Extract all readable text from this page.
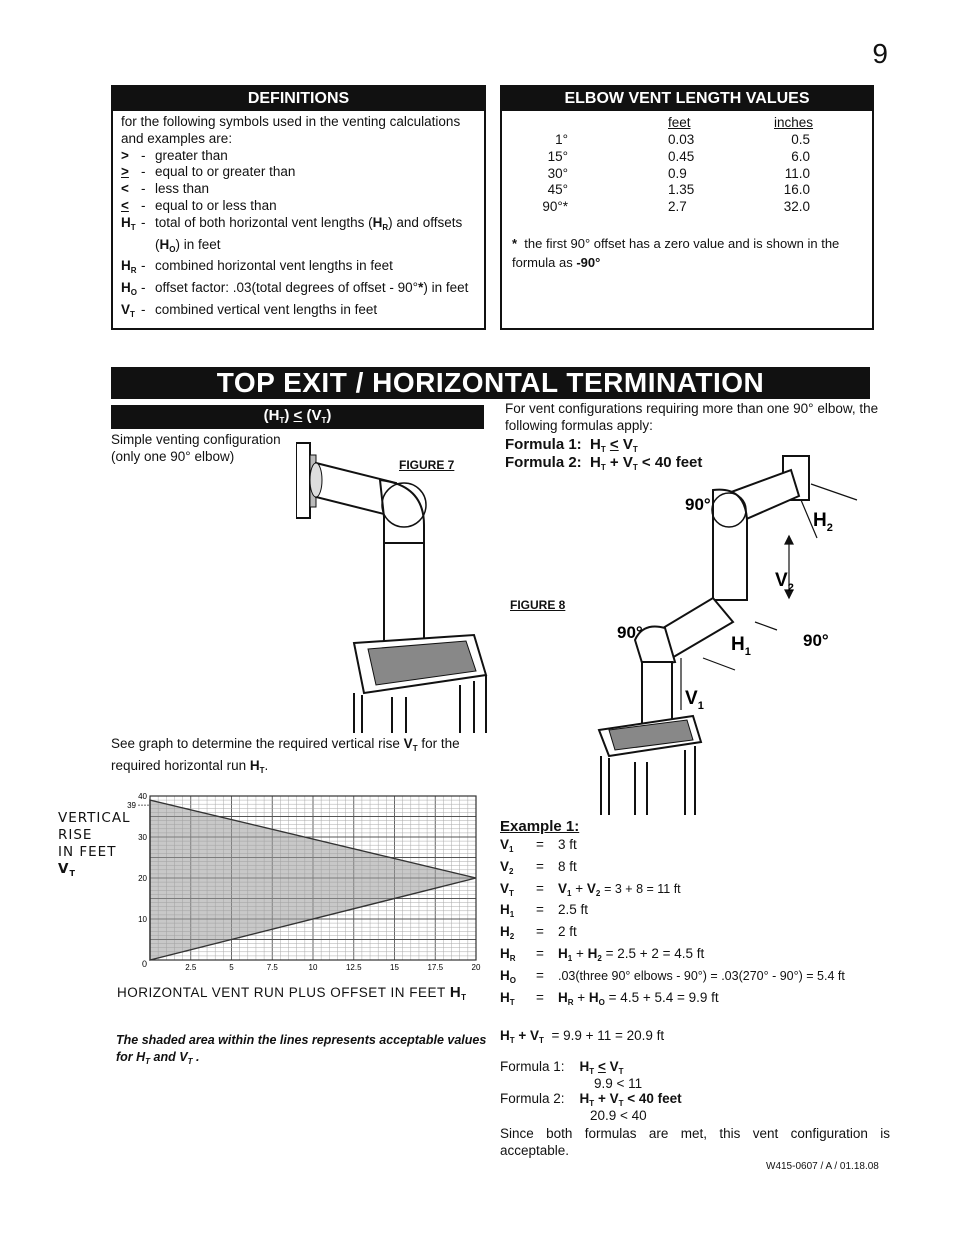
9
DEFINITIONS
for the following symbols used in the venting calculations and examples are:
> - greater than
> - equal to or greater than
< - less than
< - equal to or less than
$H_T$ - total of both horizontal vent lengths $(H_R)$ and offsets $(H_O)$ in feet
$H_R$ - combined horizontal vent lengths in feet
$H_O$ - offset factor: .03(total degrees of offset - 90°*) in feet
$V_T$ - combined vertical vent lengths in feet
ELBOW VENT LENGTH VALUES
feet	inches
1°	0.03	0.5
15°	0.45	6.0
30°	0.9	11.0
45°	1.35	16.0
90°*	2.7	32.0
* the first 90° offset has a zero value and is shown in the formula as -90°
TOP EXIT / HORIZONTAL TERMINATION
$(H_T) < (V_T)$
Simple venting configuration (only one 90° elbow)
FIGURE 7
See graph to determine the required vertical rise $V_T$ for the required horizontal run $H_T$.
VERTICAL
RISE
IN FEET
$V_T$
2.5	5	7.5	10	12.5	15	17.5	20
10
20
30
40
39
0
HORIZONTAL VENT RUN PLUS OFFSET IN FEET $H_T$
The shaded area within the lines represents acceptable values for $H_T$ and $V_T$ .
For vent configurations requiring more than one 90° elbow, the following formulas apply:
Formula 1:  $H_T < V_T$
Formula 2:  $H_T + V_T < 40$ feet
FIGURE 8
90°
90°	90°
$H_2$
$V_2$
$H_1$
$V_1$
Example 1:
$V_1$	=	3 ft
$V_2$	=	8 ft
$V_T$	=	$V_1 + V_2 = 3 + 8 = 11$ ft
$H_1$	=	2.5 ft
$H_2$	=	2 ft
$H_R$	=	$H_1 + H_2 = 2.5 + 2 = 4.5$ ft
$H_O$	=	.03(three 90° elbows - 90°) = .03(270° - 90°) = 5.4 ft
$H_T$	=	$H_R + H_O = 4.5 + 5.4 = 9.9$ ft
$H_T + V_T = 9.9 + 11 = 20.9$ ft
Formula 1: $H_T < V_T$
9.9 < 11
Formula 2: $H_T + V_T < 40$ feet
20.9 < 40
Since both formulas are met, this vent configuration is acceptable.
W415-0607 / A / 01.18.08
